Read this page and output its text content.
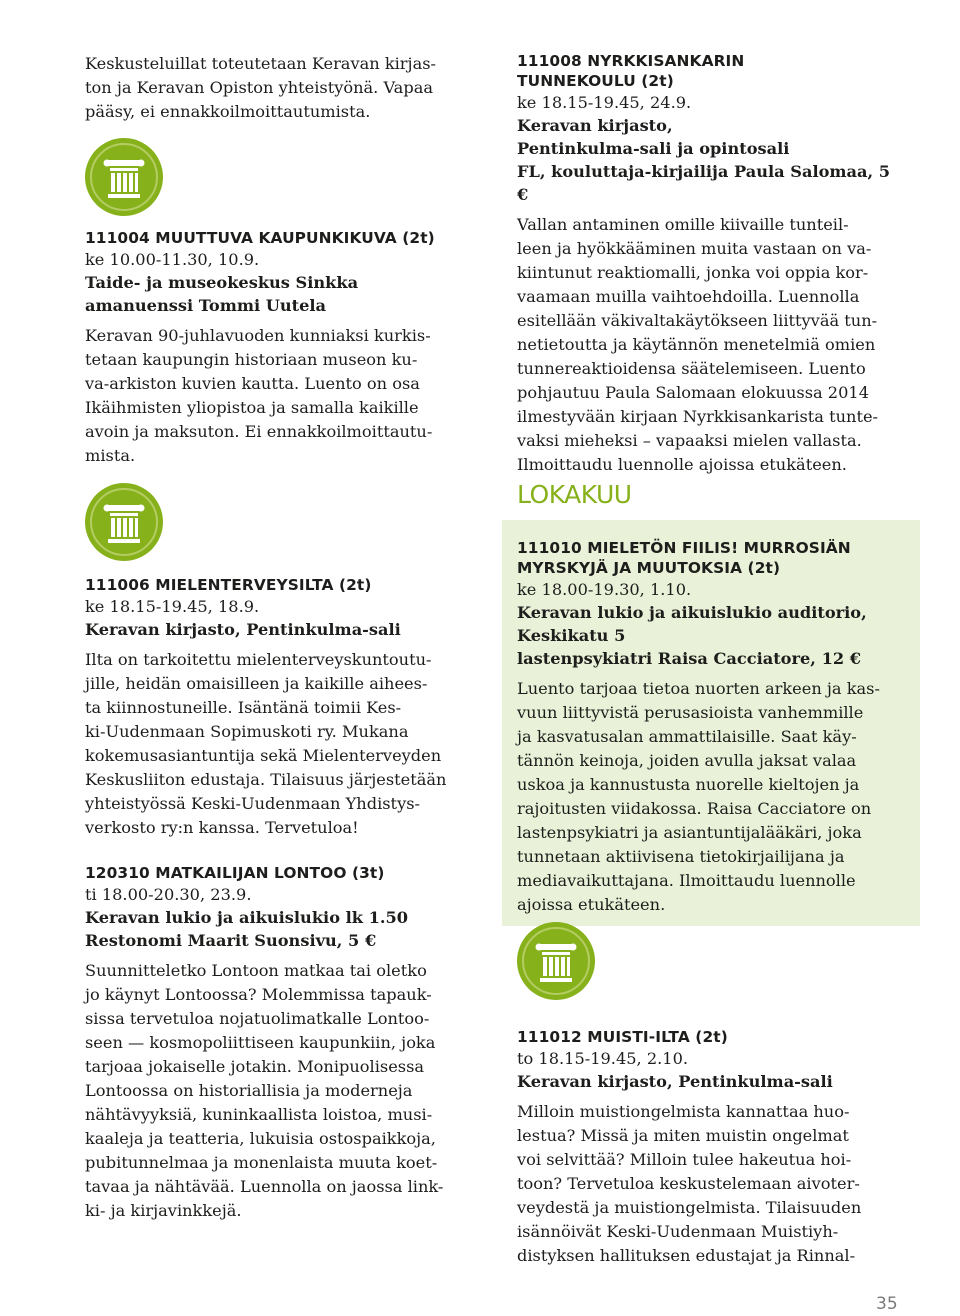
Keskusteluillat toteutetaan Keravan kirjas-

ton ja Keravan Opiston yhteistyönä. Vapaa

pääsy, ei ennakkoilmoittautumista.

111004 MUUTTUVA KAUPUNKIKUVA (2t)

ke 10.00-11.30, 10.9.

Taide- ja museokeskus Sinkka

amanuenssi Tommi Uutela

Keravan 90-juhlavuoden kunniaksi kurkis-

tetaan kaupungin historiaan museon ku-

va-arkiston kuvien kautta. Luento on osa

Ikäihmisten yliopistoa ja samalla kaikille

avoin ja maksuton. Ei ennakkoilmoittautu-

mista.

111006 MIELENTERVEYSILTA (2t)

ke 18.15-19.45, 18.9.

Keravan kirjasto, Pentinkulma-sali

Ilta on tarkoitettu mielenterveyskuntoutu-

jille, heidän omaisilleen ja kaikille aihees-

ta kiinnostuneille. Isäntänä toimii Kes-

ki-Uudenmaan Sopimuskoti ry. Mukana

kokemusasiantuntija sekä Mielenterveyden

Keskusliiton edustaja. Tilaisuus järjestetään

yhteistyössä Keski-Uudenmaan Yhdistys-

verkosto ry:n kanssa. Tervetuloa!

120310 MATKAILIJAN LONTOO (3t)

ti 18.00-20.30, 23.9.

Keravan lukio ja aikuislukio lk 1.50

Restonomi Maarit Suonsivu, 5 €

Suunnitteletko Lontoon matkaa tai oletko

jo käynyt Lontoossa? Molemmissa tapauk-

sissa tervetuloa nojatuolimatkalle Lontoo-

seen — kosmopoliittiseen kaupunkiin, joka

tarjoaa jokaiselle jotakin. Monipuolisessa

Lontoossa on historiallisia ja moderneja

nähtävyyksiä, kuninkaallista loistoa, musi-

kaaleja ja teatteria, lukuisia ostospaikkoja,

pubitunnelmaa ja monenlaista muuta koet-

tavaa ja nähtävää. Luennolla on jaossa link-

ki- ja kirjavinkkejä.

111008 NYRKKISANKARIN

TUNNEKOULU (2t)

ke 18.15-19.45, 24.9.

Keravan kirjasto,

Pentinkulma-sali ja opintosali

FL, kouluttaja-kirjailija Paula Salomaa, 5 €

Vallan antaminen omille kiivaille tunteil-

leen ja hyökkääminen muita vastaan on va-

kiintunut reaktiomalli, jonka voi oppia kor-

vaamaan muilla vaihtoehdoilla. Luennolla

esitellään väkivaltakäytökseen liittyvää tun-

netietoutta ja käytännön menetelmiä omien

tunnereaktioidensa säätelemiseen. Luento

pohjautuu Paula Salomaan elokuussa 2014

ilmestyvään kirjaan Nyrkkisankarista tunte-

vaksi mieheksi – vapaaksi mielen vallasta.

Ilmoittaudu luennolle ajoissa etukäteen.

LOKAKUU

111010 MIELETÖN FIILIS! MURROSIÄN

MYRSKYJÄ JA MUUTOKSIA (2t)

ke 18.00-19.30, 1.10.

Keravan lukio ja aikuislukio auditorio,

Keskikatu 5

lastenpsykiatri Raisa Cacciatore, 12 €

Luento tarjoaa tietoa nuorten arkeen ja kas-

vuun liittyvistä perusasioista vanhemmille

ja kasvatusalan ammattilaisille. Saat käy-

tännön keinoja, joiden avulla jaksat valaa

uskoa ja kannustusta nuorelle kieltojen ja

rajoitusten viidakossa. Raisa Cacciatore on

lastenpsykiatri ja asiantuntijalääkäri, joka

tunnetaan aktiivisena tietokirjailijana ja

mediavaikuttajana. Ilmoittaudu luennolle

ajoissa etukäteen.

111012 MUISTI-ILTA (2t)

to 18.15-19.45, 2.10.

Keravan kirjasto, Pentinkulma-sali

Milloin muistiongelmista kannattaa huo-

lestua? Missä ja miten muistin ongelmat

voi selvittää? Milloin tulee hakeutua hoi-

toon? Tervetuloa keskustelemaan aivoter-

veydestä ja muistiongelmista. Tilaisuuden

isännöivät Keski-Uudenmaan Muistiyh-

distyksen hallituksen edustajat ja Rinnal-

35
